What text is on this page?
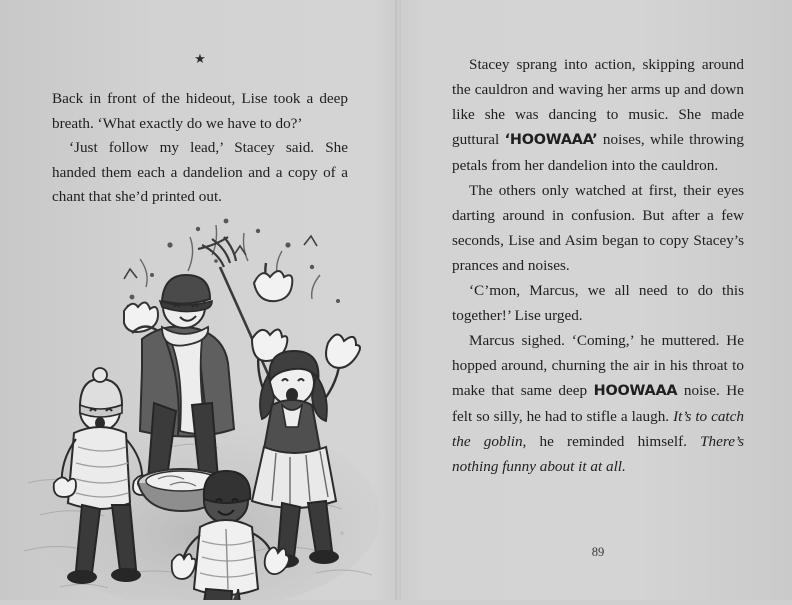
★

Back in front of the hideout, Lise took a deep breath. ‘What exactly do we have to do?’

‘Just follow my lead,’ Stacey said. She handed them each a dandelion and a copy of a chant that she’d printed out.

Stacey sprang into action, skipping around the cauldron and waving her arms up and down like she was dancing to music. She made guttural ‘HOOWAAA’ noises, while throwing petals from her dandelion into the cauldron.

The others only watched at first, their eyes darting around in confusion. But after a few seconds, Lise and Asim began to copy Stacey’s prances and noises.

‘C’mon, Marcus, we all need to do this together!’ Lise urged.

Marcus sighed. ‘Coming,’ he muttered. He hopped around, churning the air in his throat to make that same deep HOOWAAA noise. He felt so silly, he had to stifle a laugh. It’s to catch the goblin, he reminded himself. There’s nothing funny about it at all.

89
